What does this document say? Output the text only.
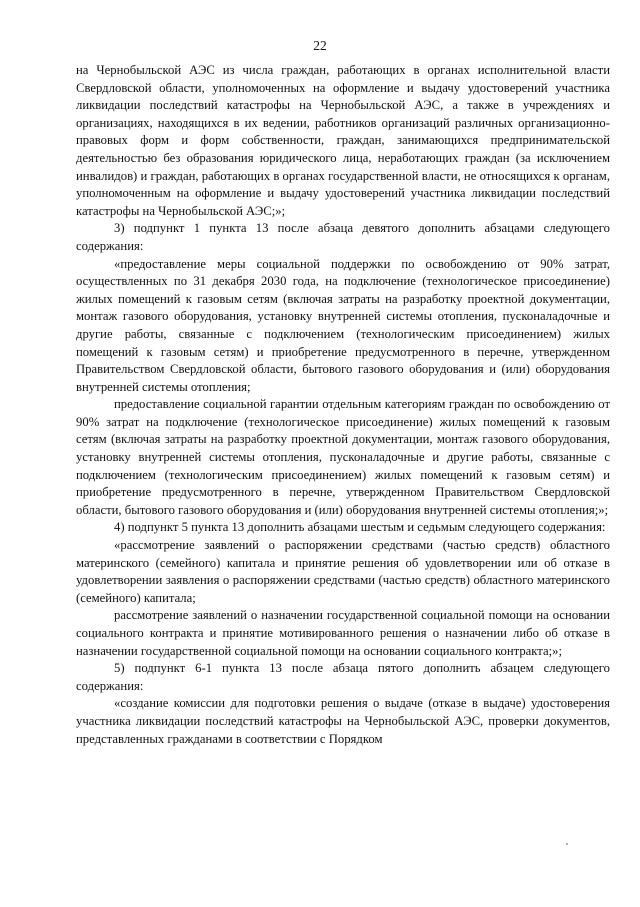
22

на Чернобыльской АЭС из числа граждан, работающих в органах исполнительной власти Свердловской области, уполномоченных на оформление и выдачу удостоверений участника ликвидации последствий катастрофы на Чернобыльской АЭС, а также в учреждениях и организациях, находящихся в их ведении, работников организаций различных организационно-правовых форм и форм собственности, граждан, занимающихся предпринимательской деятельностью без образования юридического лица, неработающих граждан (за исключением инвалидов) и граждан, работающих в органах государственной власти, не относящихся к органам, уполномоченным на оформление и выдачу удостоверений участника ликвидации последствий катастрофы на Чернобыльской АЭС;»;

3) подпункт 1 пункта 13 после абзаца девятого дополнить абзацами следующего содержания:

«предоставление меры социальной поддержки по освобождению от 90% затрат, осуществленных по 31 декабря 2030 года, на подключение (технологическое присоединение) жилых помещений к газовым сетям (включая затраты на разработку проектной документации, монтаж газового оборудования, установку внутренней системы отопления, пусконаладочные и другие работы, связанные с подключением (технологическим присоединением) жилых помещений к газовым сетям) и приобретение предусмотренного в перечне, утвержденном Правительством Свердловской области, бытового газового оборудования и (или) оборудования внутренней системы отопления;

предоставление социальной гарантии отдельным категориям граждан по освобождению от 90% затрат на подключение (технологическое присоединение) жилых помещений к газовым сетям (включая затраты на разработку проектной документации, монтаж газового оборудования, установку внутренней системы отопления, пусконаладочные и другие работы, связанные с подключением (технологическим присоединением) жилых помещений к газовым сетям) и приобретение предусмотренного в перечне, утвержденном Правительством Свердловской области, бытового газового оборудования и (или) оборудования внутренней системы отопления;»;

4) подпункт 5 пункта 13 дополнить абзацами шестым и седьмым следующего содержания:

«рассмотрение заявлений о распоряжении средствами (частью средств) областного материнского (семейного) капитала и принятие решения об удовлетворении или об отказе в удовлетворении заявления о распоряжении средствами (частью средств) областного материнского (семейного) капитала;

рассмотрение заявлений о назначении государственной социальной помощи на основании социального контракта и принятие мотивированного решения о назначении либо об отказе в назначении государственной социальной помощи на основании социального контракта;»;

5) подпункт 6-1 пункта 13 после абзаца пятого дополнить абзацем следующего содержания:

«создание комиссии для подготовки решения о выдаче (отказе в выдаче) удостоверения участника ликвидации последствий катастрофы на Чернобыльской АЭС, проверки документов, представленных гражданами в соответствии с Порядком
